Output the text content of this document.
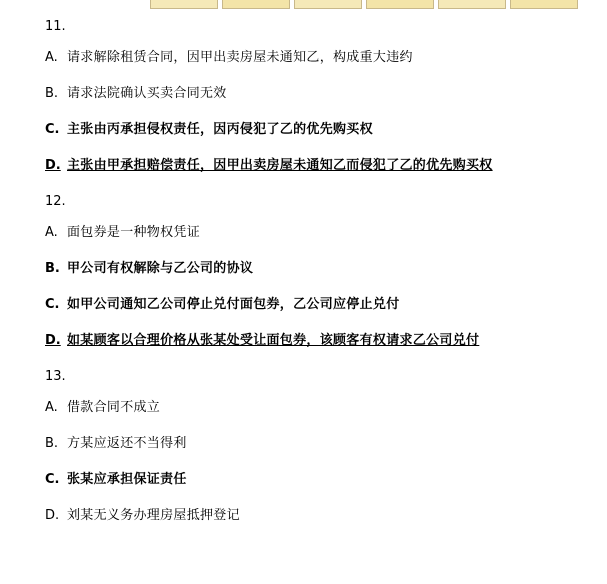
11.
A. 请求解除租赁合同，因甲出卖房屋未通知乙，构成重大违约
B. 请求法院确认买卖合同无效
C. 主张由丙承担侵权责任，因丙侵犯了乙的优先购买权
D. 主张由甲承担赔偿责任，因甲出卖房屋未通知乙而侵犯了乙的优先购买权
12.
A. 面包券是一种物权凭证
B. 甲公司有权解除与乙公司的协议
C. 如甲公司通知乙公司停止兑付面包券，乙公司应停止兑付
D. 如某顾客以合理价格从张某处受让面包券，该顾客有权请求乙公司兑付
13.
A. 借款合同不成立
B. 方某应返还不当得利
C. 张某应承担保证责任
D. 刘某无义务办理房屋抵押登记
